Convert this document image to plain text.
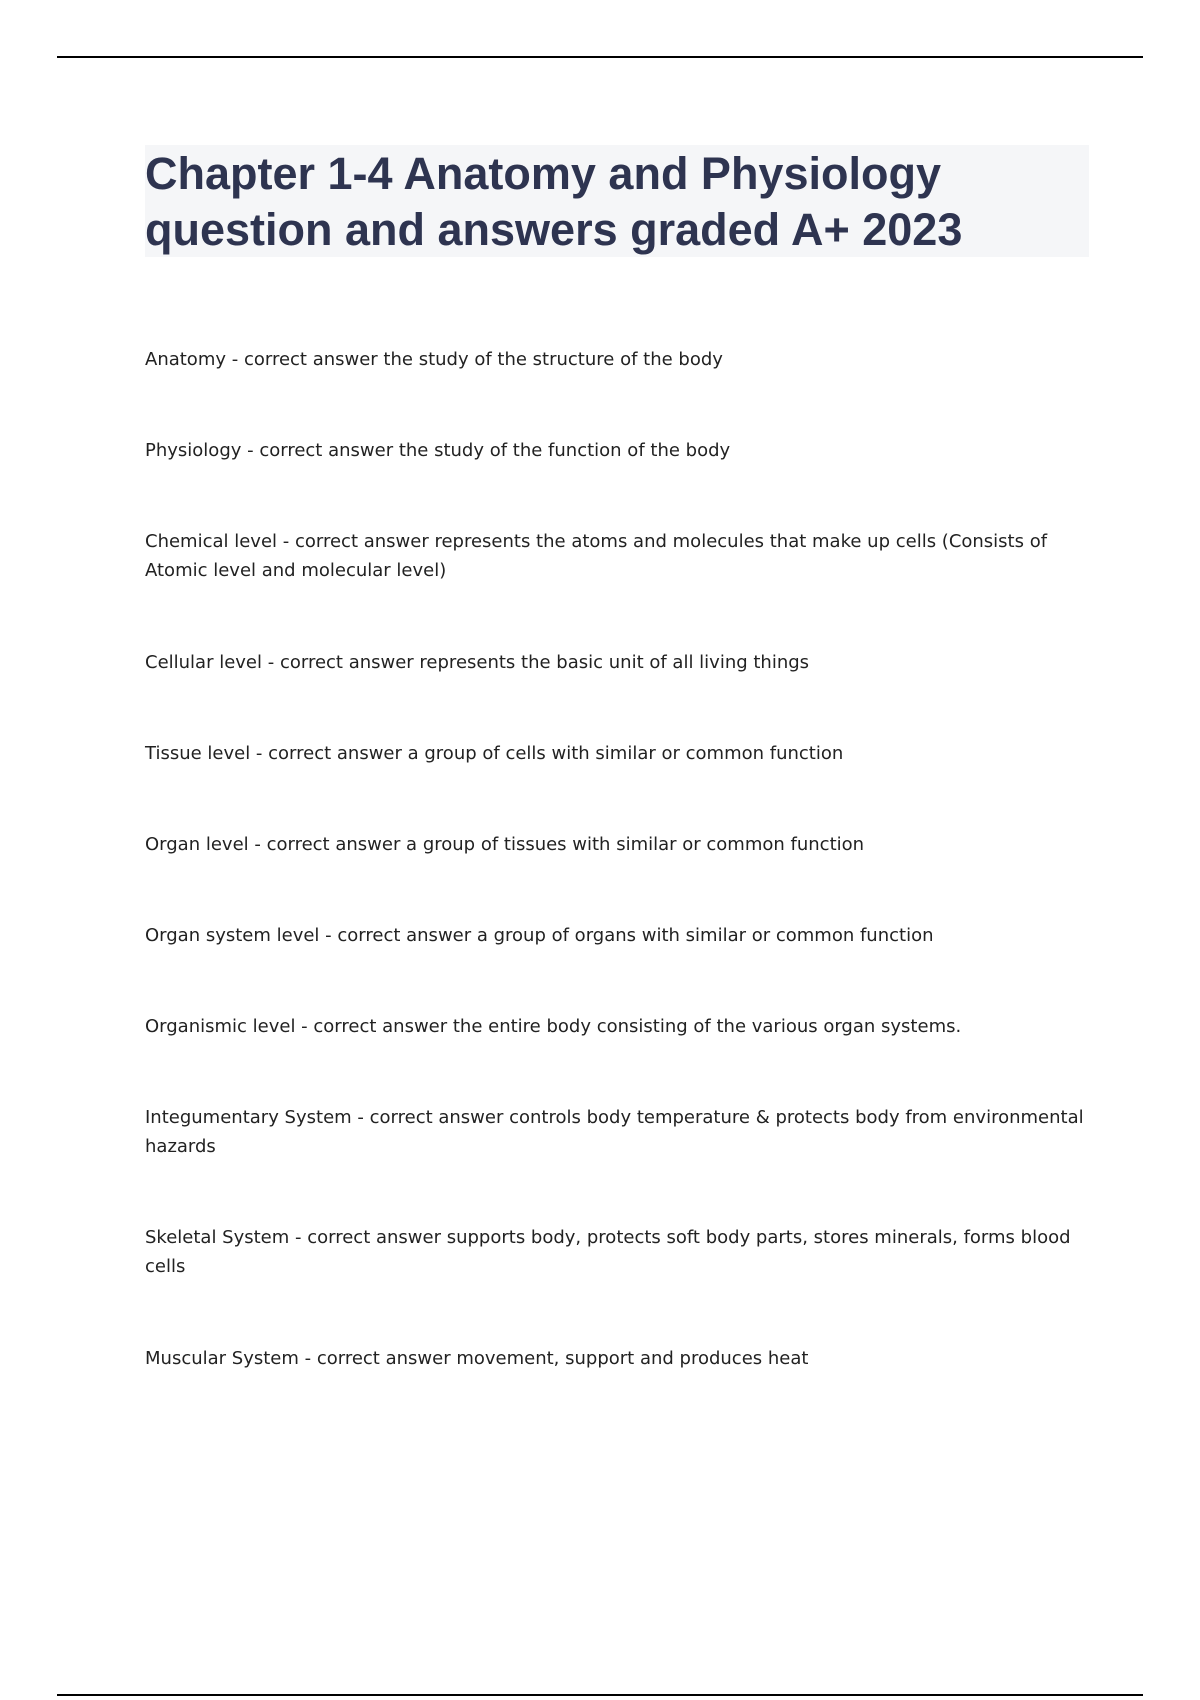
Chapter 1-4 Anatomy and Physiology question and answers graded A+ 2023

Anatomy - correct answer the study of the structure of the body

Physiology - correct answer the study of the function of the body

Chemical level - correct answer represents the atoms and molecules that make up cells (Consists of Atomic level and molecular level)

Cellular level - correct answer represents the basic unit of all living things

Tissue level - correct answer a group of cells with similar or common function

Organ level - correct answer a group of tissues with similar or common function

Organ system level - correct answer a group of organs with similar or common function

Organismic level - correct answer the entire body consisting of the various organ systems.

Integumentary System - correct answer controls body temperature & protects body from environmental hazards

Skeletal System - correct answer supports body, protects soft body parts, stores minerals, forms blood cells

Muscular System - correct answer movement, support and produces heat
